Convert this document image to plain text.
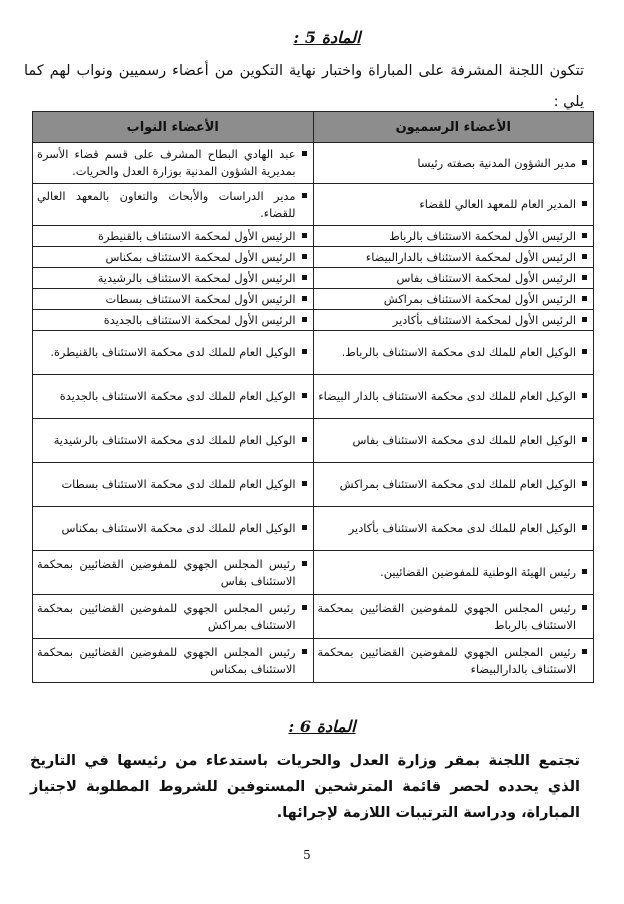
المادة 5 :
تتكون اللجنة المشرفة على المباراة واختبار نهاية التكوين من أعضاء رسميين ونواب لهم كما يلي :
الأعضاء الرسميون	الأعضاء النواب

مدير الشؤون المدنية بصفته رئيسا	عبد الهادي البطاح المشرف على قسم قضاء الأسرة بمديرية الشؤون المدنية بوزارة العدل والحريات.

المدير العام للمعهد العالي للقضاء	مدير الدراسات والأبحاث والتعاون بالمعهد العالي للقضاء.

الرئيس الأول لمحكمة الاستئناف بالرباط	الرئيس الأول لمحكمة الاستئناف بالقنيطرة

الرئيس الأول لمحكمة الاستئناف بالدارالبيضاء	الرئيس الأول لمحكمة الاستئناف بمكناس

الرئيس الأول لمحكمة الاستئناف بفاس	الرئيس الأول لمحكمة الاستئناف بالرشيدية

الرئيس الأول لمحكمة الاستئناف بمراكش	الرئيس الأول لمحكمة الاستئناف بسطات

الرئيس الأول لمحكمة الاستئناف بأكادير	الرئيس الأول لمحكمة الاستئناف بالجديدة

الوكيل العام للملك لدى محكمة الاستئناف بالرباط.	الوكيل العام للملك لدى محكمة الاستئناف بالقنيطرة.

الوكيل العام للملك لدى محكمة الاستئناف بالدار البيضاء	الوكيل العام للملك لدى محكمة الاستئناف بالجديدة

الوكيل العام للملك لدى محكمة الاستئناف بفاس	الوكيل العام للملك لدى محكمة الاستئناف بالرشيدية

الوكيل العام للملك لدى محكمة الاستئناف بمراكش	الوكيل العام للملك لدى محكمة الاستئناف بسطات

الوكيل العام للملك لدى محكمة الاستئناف بأكادير	الوكيل العام للملك لدى محكمة الاستئناف بمكناس

رئيس الهيئة الوطنية للمفوضين القضائيين.	رئيس المجلس الجهوي للمفوضين القضائيين بمحكمة الاستئناف بفاس

رئيس المجلس الجهوي للمفوضين القضائيين بمحكمة الاستئناف بالرباط	رئيس المجلس الجهوي للمفوضين القضائيين بمحكمة الاستئناف بمراكش

رئيس المجلس الجهوي للمفوضين القضائيين بمحكمة الاستئناف بالدارالبيضاء	رئيس المجلس الجهوي للمفوضين القضائيين بمحكمة الاستئناف بمكناس
المادة 6 :
تجتمع اللجنة بمقر وزارة العدل والحريات باستدعاء من رئيسها في التاريخ الذي يحدده لحصر قائمة المترشحين المستوفين للشروط المطلوبة لاجتياز المباراة، ودراسة الترتيبات اللازمة لإجرائها.
5
